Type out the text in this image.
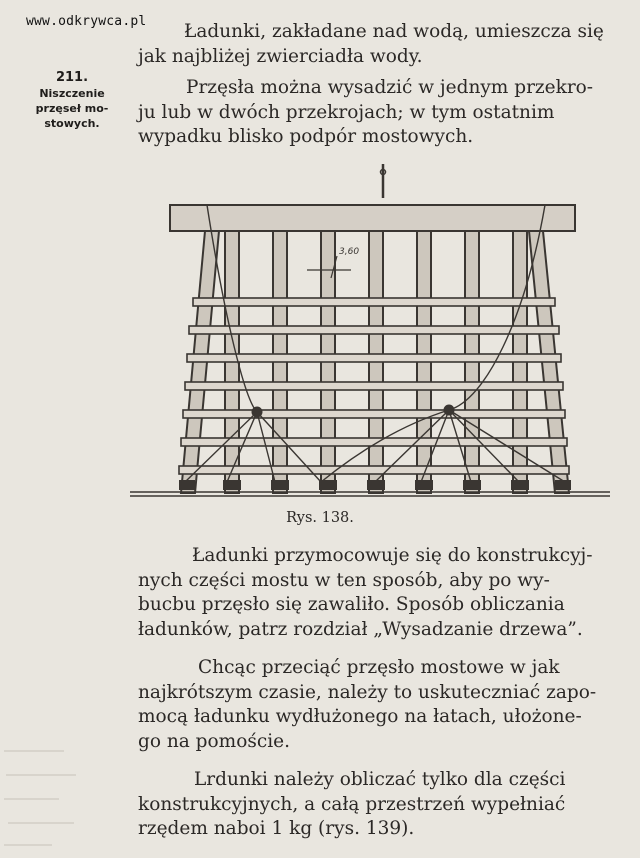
www.odkrywca.pl
211.
Niszczenie
przęseł mo-
stowych.

Ładunki, zakładane nad wodą, umieszcza się
jak najbliżej zwierciadła wody.

Przęsła można wysadzić w jednym przekro-
ju lub w dwóch przekrojach; w tym ostatnim
wypadku blisko podpór mostowych.

3,60
Rys. 138.

Ładunki przymocowuje się do konstrukcyj-
nych części mostu w ten sposób, aby po wy-
bucbu przęsło się zawaliło. Sposób obliczania
ładunków, patrz rozdział „Wysadzanie drzewa”.

Chcąc przeciąć przęsło mostowe w jak
najkrótszym czasie, należy to uskuteczniać zapo-
mocą ładunku wydłużonego na łatach, ułożone-
go na pomoście.

Lrdunki należy obliczać tylko dla części
konstrukcyjnych, a całą przestrzeń wypełniać
rzędem naboi 1 kg (rys. 139).
